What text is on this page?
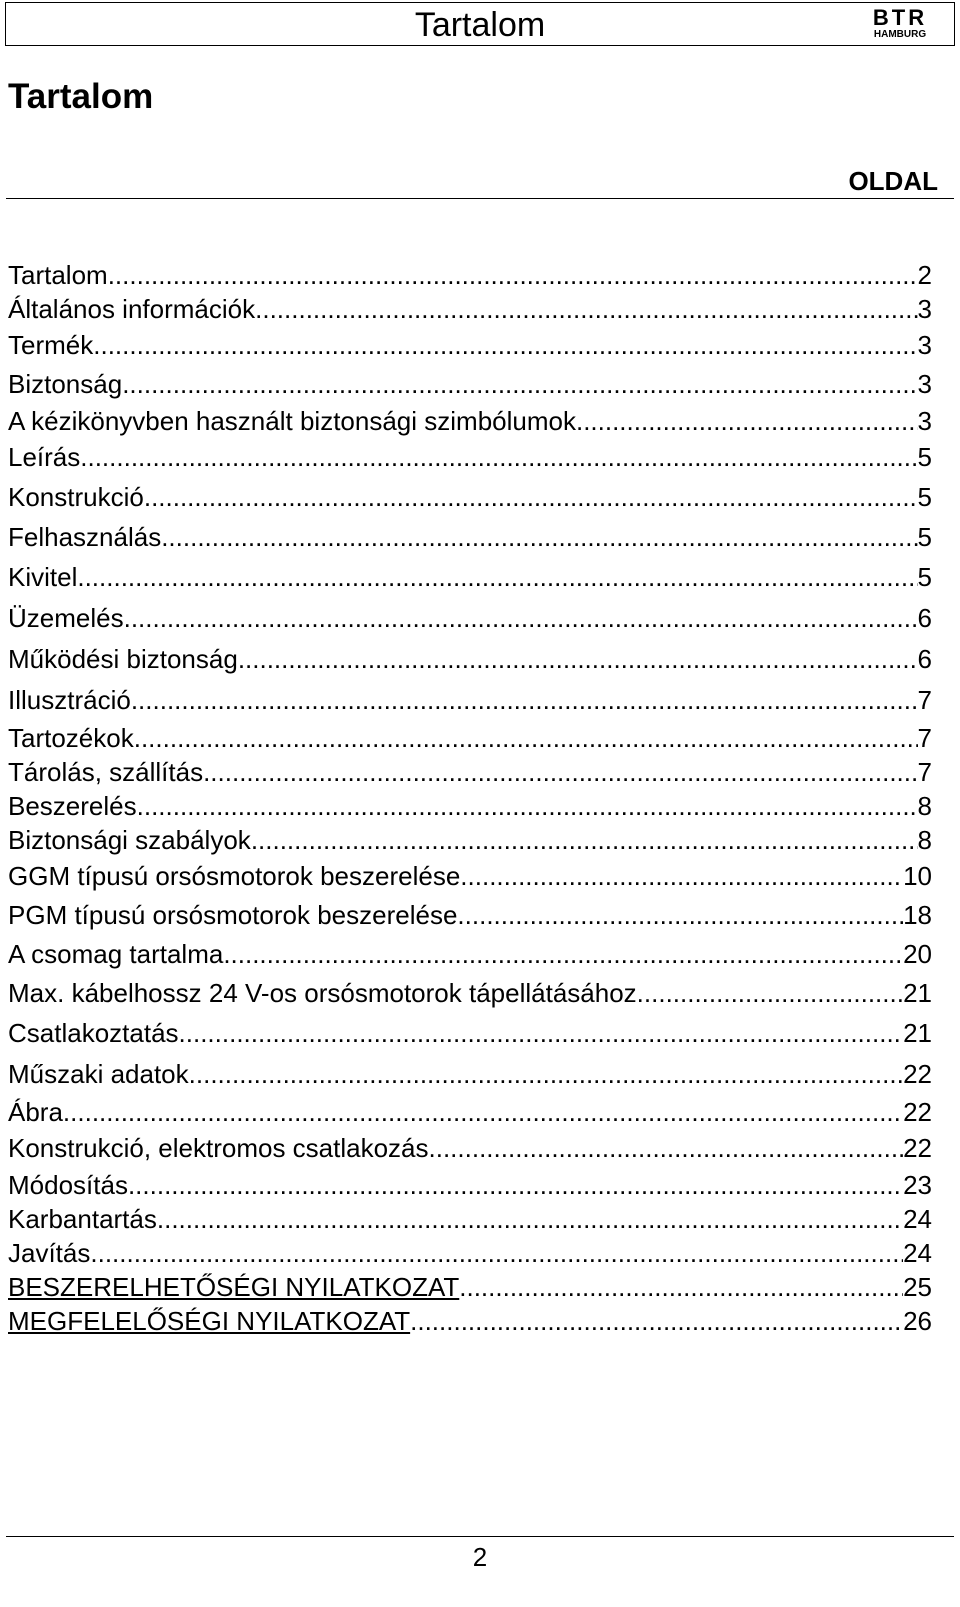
Tartalom	BTR
HAMBURG
Tartalom
OLDAL
Tartalom .....	2
Általános információk .....	3
Termék .....	3
Biztonság .....	3
A kézikönyvben használt biztonsági szimbólumok .....	3
Leírás .....	5
Konstrukció .....	5
Felhasználás .....	5
Kivitel .....	5
Üzemelés .....	6
Működési biztonság .....	6
Illusztráció .....	7
Tartozékok .....	7
Tárolás, szállítás .....	7
Beszerelés .....	8
Biztonsági szabályok .....	8
GGM típusú orsósmotorok beszerelése .....	10
PGM típusú orsósmotorok beszerelése .....	18
A csomag tartalma .....	20
Max. kábelhossz 24 V-os orsósmotorok tápellátásához .....	21
Csatlakoztatás .....	21
Műszaki adatok .....	22
Ábra .....	22
Konstrukció, elektromos csatlakozás .....	22
Módosítás .....	23
Karbantartás .....	24
Javítás .....	24
BESZERELHETŐSÉGI NYILATKOZAT .....	25
MEGFELELŐSÉGI NYILATKOZAT .....	26
2
